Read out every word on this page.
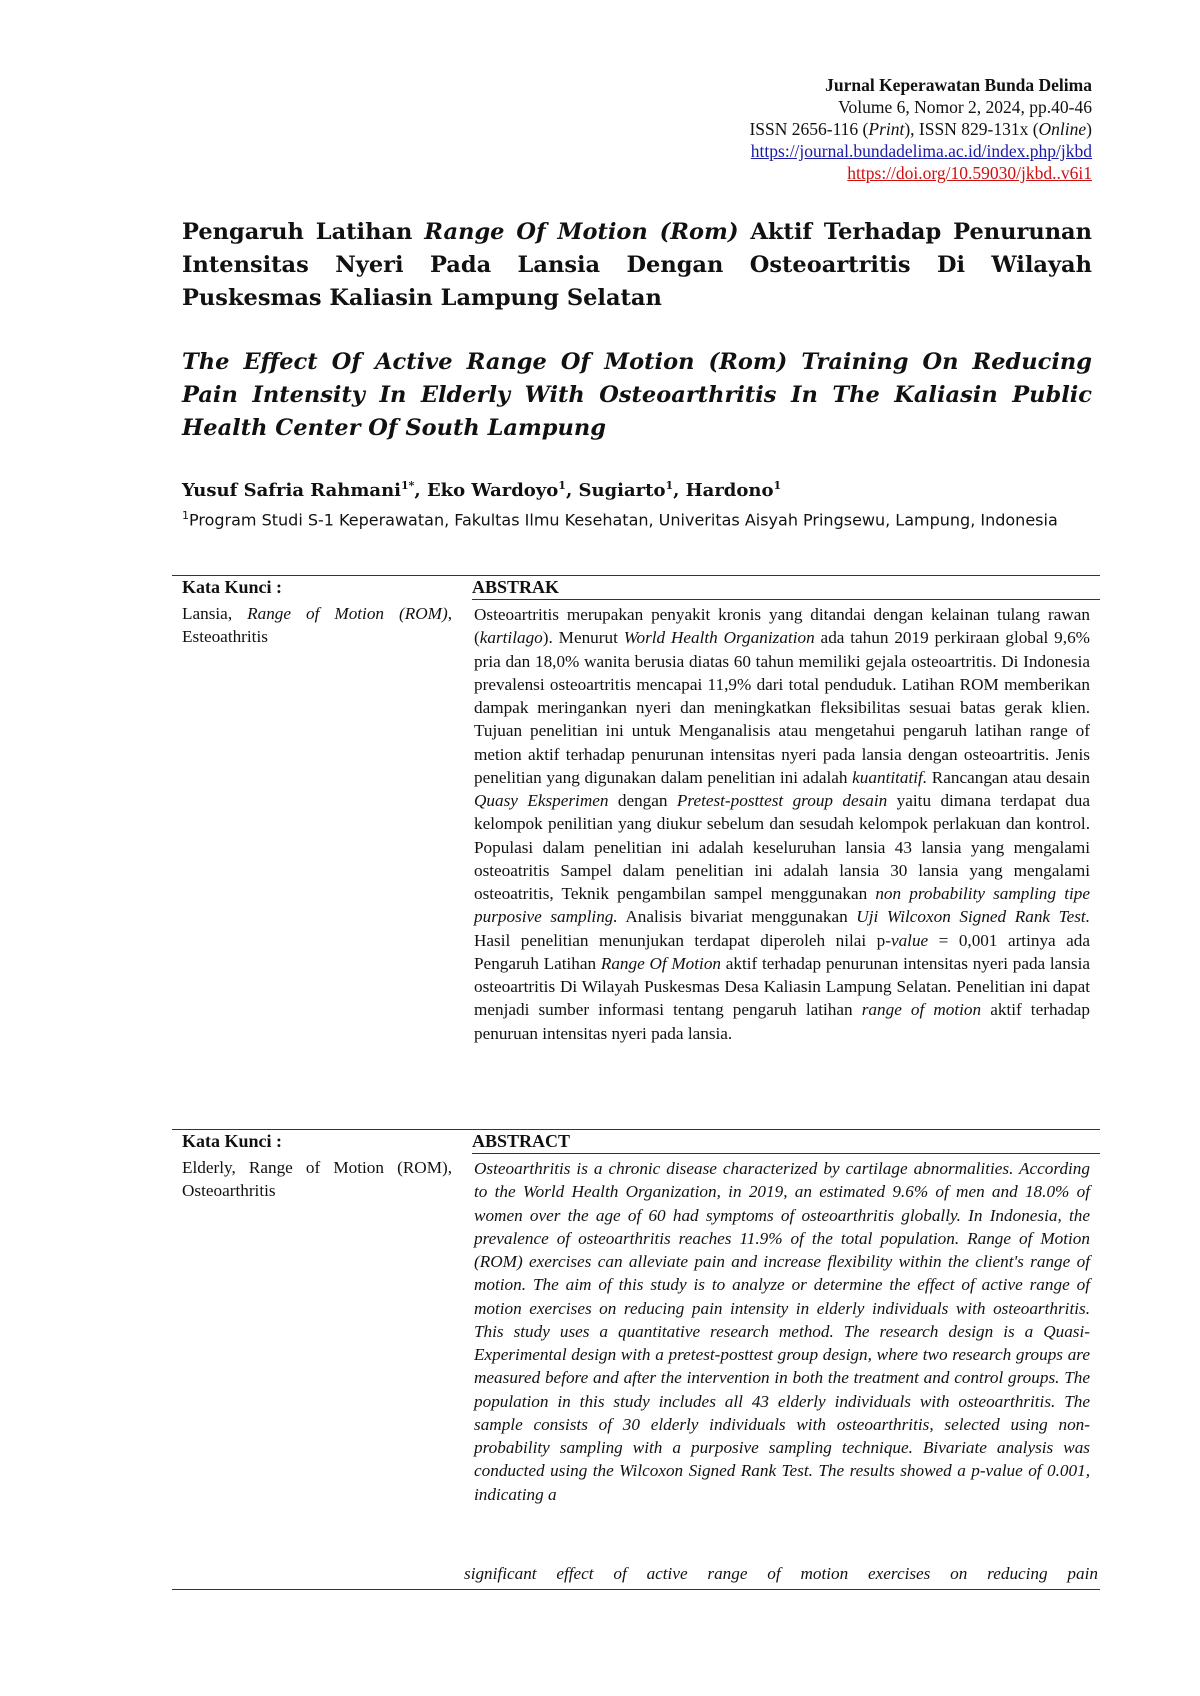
Jurnal Keperawatan Bunda Delima
Volume 6, Nomor 2, 2024, pp.40-46
ISSN 2656-116 (Print), ISSN 829-131x (Online)
https://journal.bundadelima.ac.id/index.php/jkbd
https://doi.org/10.59030/jkbd..v6i1
Pengaruh Latihan Range Of Motion (Rom) Aktif Terhadap Penurunan Intensitas Nyeri Pada Lansia Dengan Osteoartritis Di Wilayah Puskesmas Kaliasin Lampung Selatan
The Effect Of Active Range Of Motion (Rom) Training On Reducing Pain Intensity In Elderly With Osteoarthritis In The Kaliasin Public Health Center Of South Lampung
Yusuf Safria Rahmani$^{1*}$, Eko Wardoyo$^1$, Sugiarto$^1$, Hardono$^1$
$^1$Program Studi S-1 Keperawatan, Fakultas Ilmu Kesehatan, Univeritas Aisyah Pringsewu, Lampung, Indonesia
Kata Kunci :	ABSTRAK
Lansia, Range of Motion (ROM), Esteoathritis
Osteoartritis merupakan penyakit kronis yang ditandai dengan kelainan tulang rawan (kartilago). Menurut World Health Organization ada tahun 2019 perkiraan global 9,6% pria dan 18,0% wanita berusia diatas 60 tahun memiliki gejala osteoartritis. Di Indonesia prevalensi osteoartritis mencapai 11,9% dari total penduduk. Latihan ROM memberikan dampak meringankan nyeri dan meningkatkan fleksibilitas sesuai batas gerak klien. Tujuan penelitian ini untuk Menganalisis atau mengetahui pengaruh latihan range of metion aktif terhadap penurunan intensitas nyeri pada lansia dengan osteoartritis. Jenis penelitian yang digunakan dalam penelitian ini adalah kuantitatif. Rancangan atau desain Quasy Eksperimen dengan Pretest-posttest group desain yaitu dimana terdapat dua kelompok penilitian yang diukur sebelum dan sesudah kelompok perlakuan dan kontrol. Populasi dalam penelitian ini adalah keseluruhan lansia 43 lansia yang mengalami osteoatritis Sampel dalam penelitian ini adalah lansia 30 lansia yang mengalami osteoatritis, Teknik pengambilan sampel menggunakan non probability sampling tipe purposive sampling. Analisis bivariat menggunakan Uji Wilcoxon Signed Rank Test. Hasil penelitian menunjukan terdapat diperoleh nilai p-value = 0,001 artinya ada Pengaruh Latihan Range Of Motion aktif terhadap penurunan intensitas nyeri pada lansia osteoartritis Di Wilayah Puskesmas Desa Kaliasin Lampung Selatan. Penelitian ini dapat menjadi sumber informasi tentang pengaruh latihan range of motion aktif terhadap penuruan intensitas nyeri pada lansia.
Kata Kunci :	ABSTRACT
Elderly, Range of Motion (ROM), Osteoarthritis
Osteoarthritis is a chronic disease characterized by cartilage abnormalities. According to the World Health Organization, in 2019, an estimated 9.6% of men and 18.0% of women over the age of 60 had symptoms of osteoarthritis globally. In Indonesia, the prevalence of osteoarthritis reaches 11.9% of the total population. Range of Motion (ROM) exercises can alleviate pain and increase flexibility within the client's range of motion. The aim of this study is to analyze or determine the effect of active range of motion exercises on reducing pain intensity in elderly individuals with osteoarthritis. This study uses a quantitative research method. The research design is a Quasi-Experimental design with a pretest-posttest group design, where two research groups are measured before and after the intervention in both the treatment and control groups. The population in this study includes all 43 elderly individuals with osteoarthritis. The sample consists of 30 elderly individuals with osteoarthritis, selected using non-probability sampling with a purposive sampling technique. Bivariate analysis was conducted using the Wilcoxon Signed Rank Test. The results showed a p-value of 0.001, indicating a
significant effect of active range of motion exercises on reducing pain
